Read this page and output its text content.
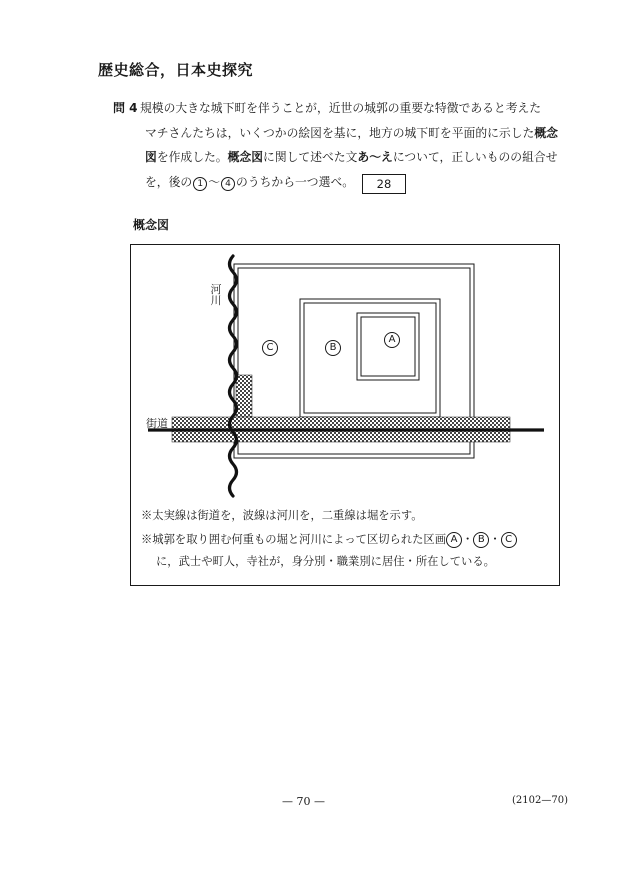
歴史総合，日本史探究
問 4 規模の大きな城下町を伴うことが，近世の城郭の重要な特徴であると考えた
マチさんたちは，いくつかの絵図を基に，地方の城下町を平面的に示した概念
図を作成した。概念図に関して述べた文あ～えについて，正しいものの組合せ
を，後の 1 ～ 4 のうちから一つ選べ。 28
概念図
河川
街道
A
B
C
※太実線は街道を，波線は河川を，二重線は堀を示す。
※城郭を取り囲む何重もの堀と河川によって区切られた区画 A ・ B ・ C
に，武士や町人，寺社が，身分別・職業別に居住・所在している。
— 70 —	(2102—70)
